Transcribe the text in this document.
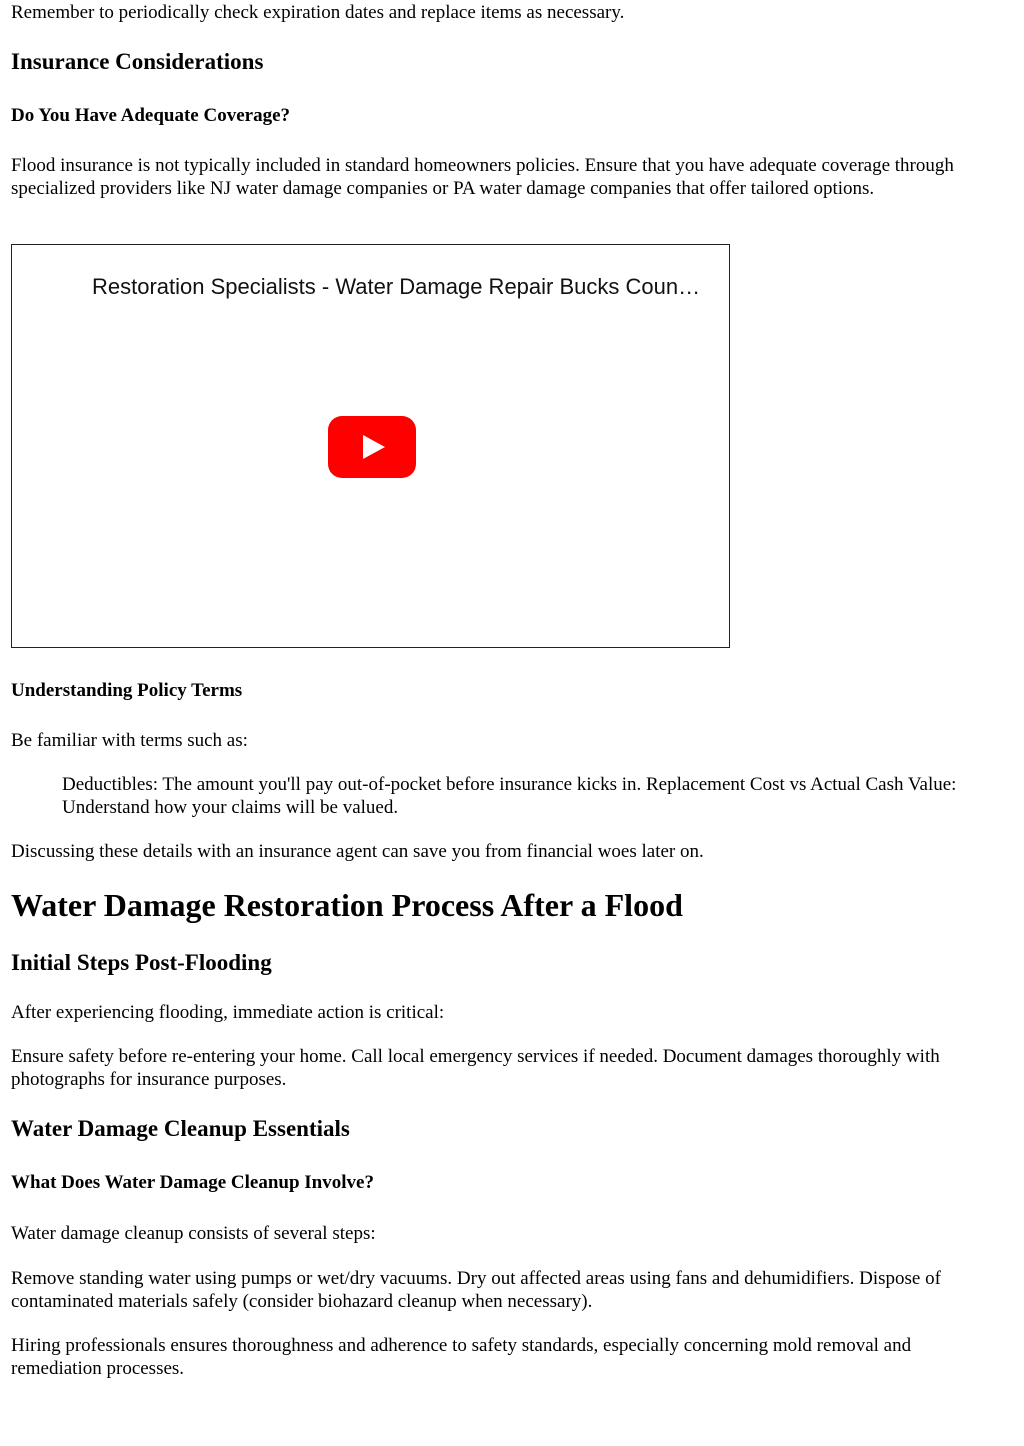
Remember to periodically check expiration dates and replace items as necessary.

Insurance Considerations
Do You Have Adequate Coverage?

Flood insurance is not typically included in standard homeowners policies. Ensure that you have adequate coverage through specialized providers like NJ water damage companies or PA water damage companies that offer tailored options.

Restoration Specialists - Water Damage Repair Bucks Coun…
Understanding Policy Terms

Be familiar with terms such as:

Deductibles: The amount you'll pay out-of-pocket before insurance kicks in. Replacement Cost vs Actual Cash Value: Understand how your claims will be valued.

Discussing these details with an insurance agent can save you from financial woes later on.

Water Damage Restoration Process After a Flood
Initial Steps Post-Flooding

After experiencing flooding, immediate action is critical:

Ensure safety before re-entering your home. Call local emergency services if needed. Document damages thoroughly with photographs for insurance purposes.

Water Damage Cleanup Essentials
What Does Water Damage Cleanup Involve?

Water damage cleanup consists of several steps:

Remove standing water using pumps or wet/dry vacuums. Dry out affected areas using fans and dehumidifiers. Dispose of contaminated materials safely (consider biohazard cleanup when necessary).

Hiring professionals ensures thoroughness and adherence to safety standards, especially concerning mold removal and remediation processes.
